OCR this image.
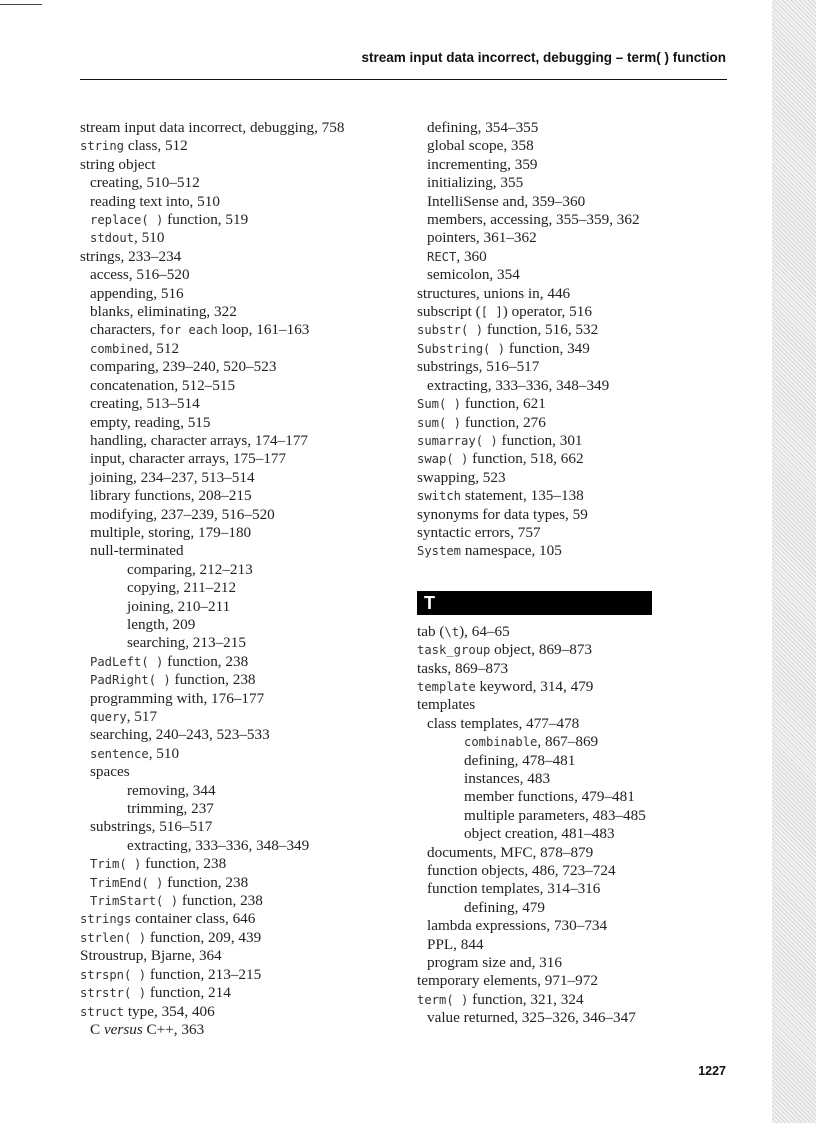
stream input data incorrect, debugging – term( ) function
stream input data incorrect, debugging, 758
string class, 512
string object
creating, 510–512
reading text into, 510
replace( ) function, 519
stdout, 510
strings, 233–234
access, 516–520
appending, 516
blanks, eliminating, 322
characters, for each loop, 161–163
combined, 512
comparing, 239–240, 520–523
concatenation, 512–515
creating, 513–514
empty, reading, 515
handling, character arrays, 174–177
input, character arrays, 175–177
joining, 234–237, 513–514
library functions, 208–215
modifying, 237–239, 516–520
multiple, storing, 179–180
null-terminated
comparing, 212–213
copying, 211–212
joining, 210–211
length, 209
searching, 213–215
PadLeft( ) function, 238
PadRight( ) function, 238
programming with, 176–177
query, 517
searching, 240–243, 523–533
sentence, 510
spaces
removing, 344
trimming, 237
substrings, 516–517
extracting, 333–336, 348–349
Trim( ) function, 238
TrimEnd( ) function, 238
TrimStart( ) function, 238
strings container class, 646
strlen( ) function, 209, 439
Stroustrup, Bjarne, 364
strspn( ) function, 213–215
strstr( ) function, 214
struct type, 354, 406
C versus C++, 363
defining, 354–355
global scope, 358
incrementing, 359
initializing, 355
IntelliSense and, 359–360
members, accessing, 355–359, 362
pointers, 361–362
RECT, 360
semicolon, 354
structures, unions in, 446
subscript ([ ]) operator, 516
substr( ) function, 516, 532
Substring( ) function, 349
substrings, 516–517
extracting, 333–336, 348–349
Sum( ) function, 621
sum( ) function, 276
sumarray( ) function, 301
swap( ) function, 518, 662
swapping, 523
switch statement, 135–138
synonyms for data types, 59
syntactic errors, 757
System namespace, 105
T
tab (\t), 64–65
task_group object, 869–873
tasks, 869–873
template keyword, 314, 479
templates
class templates, 477–478
combinable, 867–869
defining, 478–481
instances, 483
member functions, 479–481
multiple parameters, 483–485
object creation, 481–483
documents, MFC, 878–879
function objects, 486, 723–724
function templates, 314–316
defining, 479
lambda expressions, 730–734
PPL, 844
program size and, 316
temporary elements, 971–972
term( ) function, 321, 324
value returned, 325–326, 346–347
1227
